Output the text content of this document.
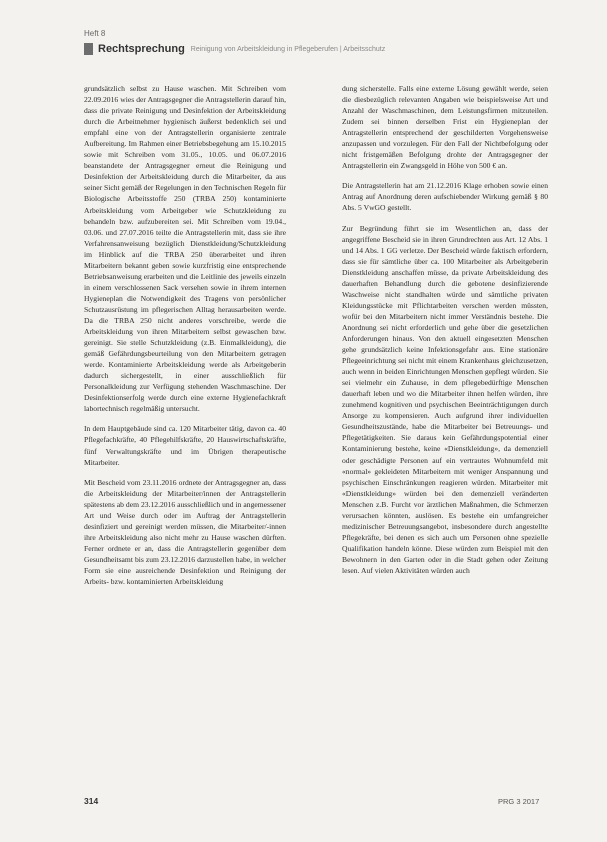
Heft 8
Rechtsprechung Reinigung von Arbeitskleidung in Pflegeberufen | Arbeitsschutz

grundsätzlich selbst zu Hause waschen. Mit Schreiben vom 22.09.2016 wies der Antragsgegner die Antragstellerin darauf hin, dass die private Reinigung und Desinfektion der Arbeitskleidung durch die Arbeitnehmer hygienisch äußerst bedenklich sei und empfahl eine von der Antragstellerin organisierte zentrale Aufbereitung. Im Rahmen einer Betriebsbegehung am 15.10.2015 sowie mit Schreiben vom 31.05., 10.05. und 06.07.2016 beanstandete der Antragsgegner erneut die Reinigung und Desinfektion der Arbeitskleidung durch die Mitarbeiter, da aus seiner Sicht gemäß der Regelungen in den Technischen Regeln für Biologische Arbeitsstoffe 250 (TRBA 250) kontaminierte Arbeitskleidung vom Arbeitgeber wie Schutzkleidung zu behandeln bzw. aufzubereiten sei. Mit Schreiben vom 19.04., 03.06. und 27.07.2016 teilte die Antragstellerin mit, dass sie ihre Verfahrensanweisung bezüglich Dienstkleidung/Schutzkleidung im Hinblick auf die TRBA 250 überarbeitet und ihren Mitarbeitern bekannt geben sowie kurzfristig eine entsprechende Betriebsanweisung erarbeiten und die Leitlinie des jeweils einzeln in einem verschlossenen Sack versehen sowie in ihrem internen Hygieneplan die Notwendigkeit des Tragens von persönlicher Schutzausrüstung im pflegerischen Alltag herausarbeiten werde. Da die TRBA 250 nicht anderes vorschreibe, werde die Arbeitskleidung von ihren Mitarbeitern selbst gewaschen bzw. gereinigt. Sie stelle Schutzkleidung (z.B. Einmalkleidung), die gemäß Gefährdungsbeurteilung von den Mitarbeitern getragen werde. Kontaminierte Arbeitskleidung werde als Arbeitgeberin dadurch sichergestellt, in einer ausschließlich für Personalkleidung zur Verfügung stehenden Waschmaschine. Der Desinfektionserfolg werde durch eine externe Hygienefachkraft labortechnisch regelmäßig untersucht.

In dem Hauptgebäude sind ca. 120 Mitarbeiter tätig, davon ca. 40 Pflegefachkräfte, 40 Pflegehilfskräfte, 20 Hauswirtschaftskräfte, fünf Verwaltungskräfte und im Übrigen therapeutische Mitarbeiter.

Mit Bescheid vom 23.11.2016 ordnete der Antragsgegner an, dass die Arbeitskleidung der Mitarbeiter/innen der Antragstellerin spätestens ab dem 23.12.2016 ausschließlich und in angemessener Art und Weise durch oder im Auftrag der Antragstellerin desinfiziert und gereinigt werden müssen, die Mitarbeiter/-innen ihre Arbeitskleidung also nicht mehr zu Hause waschen dürften. Ferner ordnete er an, dass die Antragstellerin gegenüber dem Gesundheitsamt bis zum 23.12.2016 darzustellen habe, in welcher Form sie eine ausreichende Desinfektion und Reinigung der Arbeits- bzw. kontaminierten Arbeitskleidung

dung sicherstelle. Falls eine externe Lösung gewählt werde, seien die diesbezüglich relevanten Angaben wie beispielsweise Art und Anzahl der Waschmaschinen, dem Leistungsfirmen mitzuteilen. Zudem sei binnen derselben Frist ein Hygieneplan der Antragstellerin entsprechend der geschilderten Vorgehensweise anzupassen und vorzulegen. Für den Fall der Nichtbefolgung oder nicht fristgemäßen Befolgung drohte der Antragsgegner der Antragstellerin ein Zwangsgeld in Höhe von 500 € an.

Die Antragstellerin hat am 21.12.2016 Klage erhoben sowie einen Antrag auf Anordnung deren aufschiebender Wirkung gemäß § 80 Abs. 5 VwGO gestellt.

Zur Begründung führt sie im Wesentlichen an, dass der angegriffene Bescheid sie in ihren Grundrechten aus Art. 12 Abs. 1 und 14 Abs. 1 GG verletze. Der Bescheid würde faktisch erfordern, dass sie für sämtliche über ca. 100 Mitarbeiter als Arbeitgeberin Dienstkleidung anschaffen müsse, da private Arbeitskleidung des dauerhaften Behandlung durch die gebotene desinfizierende Waschweise nicht standhalten würde und sämtliche privaten Kleidungsstücke mit Pflichtarbeiten verschen werden müssten, wofür bei den Mitarbeitern nicht immer Verständnis bestehe. Die Anordnung sei nicht erforderlich und gehe über die gesetzlichen Anforderungen hinaus. Von den aktuell eingesetzten Menschen gehe grundsätzlich keine Infektionsgefahr aus. Eine stationäre Pflegeeinrichtung sei nicht mit einem Krankenhaus gleichzusetzen, auch wenn in beiden Einrichtungen Menschen gepflegt würden. Sie sei vielmehr ein Zuhause, in dem pflegebedürftige Menschen dauerhaft leben und wo die Mitarbeiter ihnen helfen würden, ihre zunehmend kognitiven und psychischen Beeinträchtigungen durch Ansorge zu kompensieren. Auch aufgrund ihrer individuellen Gesundheitszustände, habe die Mitarbeiter bei Betreuungs- und Pflegetätigkeiten. Sie daraus kein Gefährdungspotential einer Kontaminierung bestehe, keine «Dienstkleidung», da demenziell oder geschädigte Personen auf ein vertrautes Wohnumfeld mit «normal» gekleideten Mitarbeitern mit weniger Anspannung und psychischen Einschränkungen reagieren würden. Mitarbeiter mit «Dienstkleidung» würden bei den demenziell veränderten Menschen z.B. Furcht vor ärztlichen Maßnahmen, die Schmerzen verursachen könnten, auslösen. Es bestehe ein umfangreicher medizinischer Betreuungsangebot, insbesondere durch angestellte Pflegekräfte, bei denen es sich auch um Personen ohne spezielle Qualifikation handeln könne. Diese würden zum Beispiel mit den Bewohnern in den Garten oder in die Stadt gehen oder Zeitung lesen. Auf vielen Aktivitäten würden auch

314	PRG 3 2017
